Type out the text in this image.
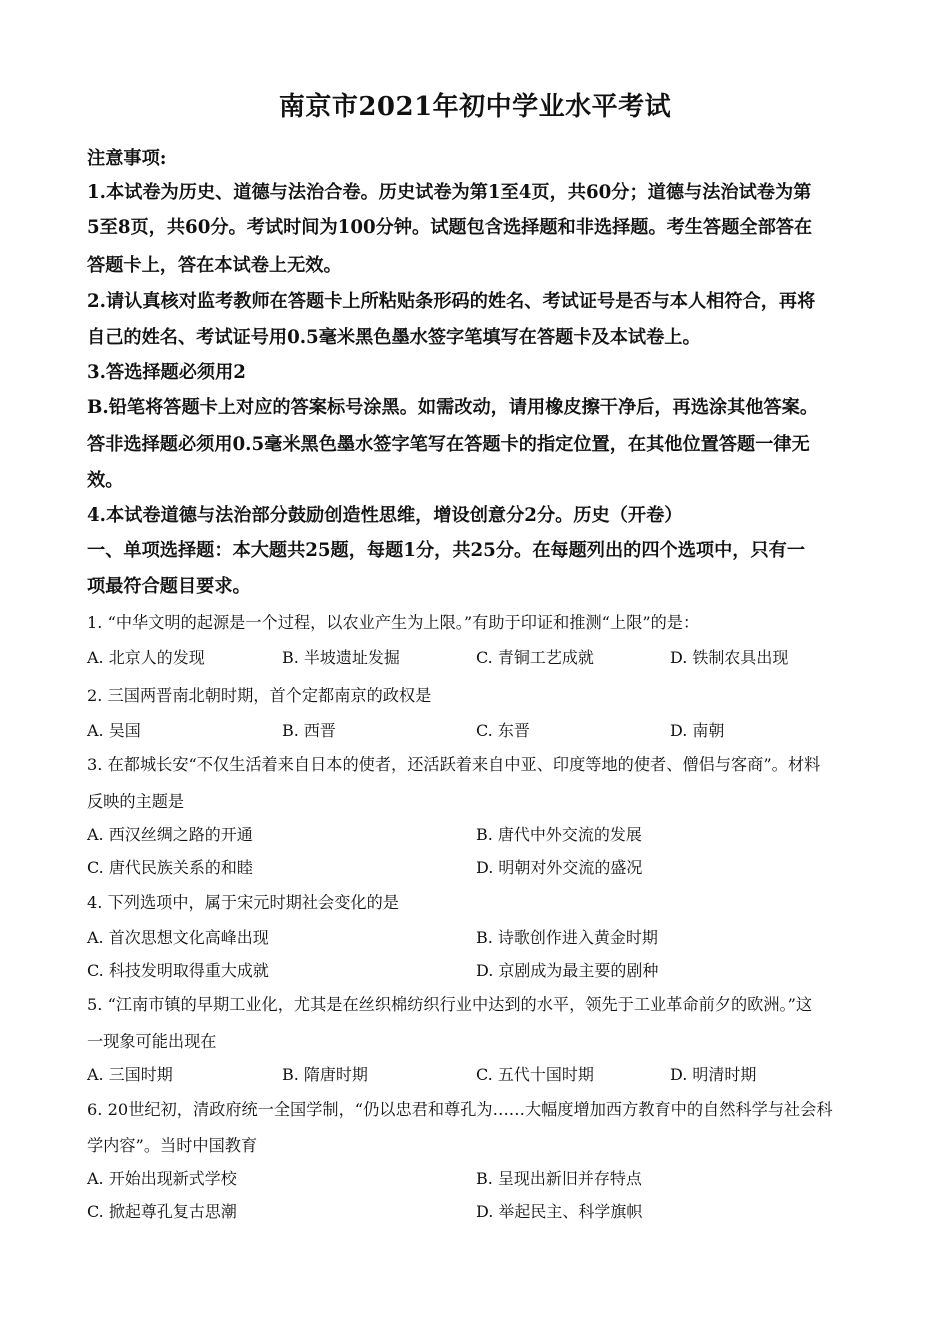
南京市2021年初中学业水平考试
注意事项:
1.本试卷为历史、道德与法治合卷。历史试卷为第1至4页，共60分；道德与法治试卷为第
5至8页，共60分。考试时间为100分钟。试题包含选择题和非选择题。考生答题全部答在
答题卡上，答在本试卷上无效。
2.请认真核对监考教师在答题卡上所粘贴条形码的姓名、考试证号是否与本人相符合，再将
自己的姓名、考试证号用0.5毫米黑色墨水签字笔填写在答题卡及本试卷上。
3.答选择题必须用2
B.铅笔将答题卡上对应的答案标号涂黑。如需改动，请用橡皮擦干净后，再选涂其他答案。
答非选择题必须用0.5毫米黑色墨水签字笔写在答题卡的指定位置，在其他位置答题一律无
效。
4.本试卷道德与法治部分鼓励创造性思维，增设创意分2分。历史（开卷）
一、单项选择题：本大题共25题，每题1分，共25分。在每题列出的四个选项中，只有一
项最符合题目要求。
1. “中华文明的起源是一个过程，以农业产生为上限。”有助于印证和推测“上限”的是：
A. 北京人的发现	B. 半坡遗址发掘	C. 青铜工艺成就	D. 铁制农具出现
2. 三国两晋南北朝时期，首个定都南京的政权是
A. 吴国	B. 西晋	C. 东晋	D. 南朝
3. 在都城长安“不仅生活着来自日本的使者，还活跃着来自中亚、印度等地的使者、僧侣与客商”。材料
反映的主题是
A. 西汉丝绸之路的开通	B. 唐代中外交流的发展
C. 唐代民族关系的和睦	D. 明朝对外交流的盛况
4. 下列选项中，属于宋元时期社会变化的是
A. 首次思想文化高峰出现	B. 诗歌创作进入黄金时期
C. 科技发明取得重大成就	D. 京剧成为最主要的剧种
5. “江南市镇的早期工业化，尤其是在丝织棉纺织行业中达到的水平，领先于工业革命前夕的欧洲。”这
一现象可能出现在
A. 三国时期	B. 隋唐时期	C. 五代十国时期	D. 明清时期
6. 20世纪初，清政府统一全国学制，“仍以忠君和尊孔为……大幅度增加西方教育中的自然科学与社会科
学内容”。当时中国教育
A. 开始出现新式学校	B. 呈现出新旧并存特点
C. 掀起尊孔复古思潮	D. 举起民主、科学旗帜
